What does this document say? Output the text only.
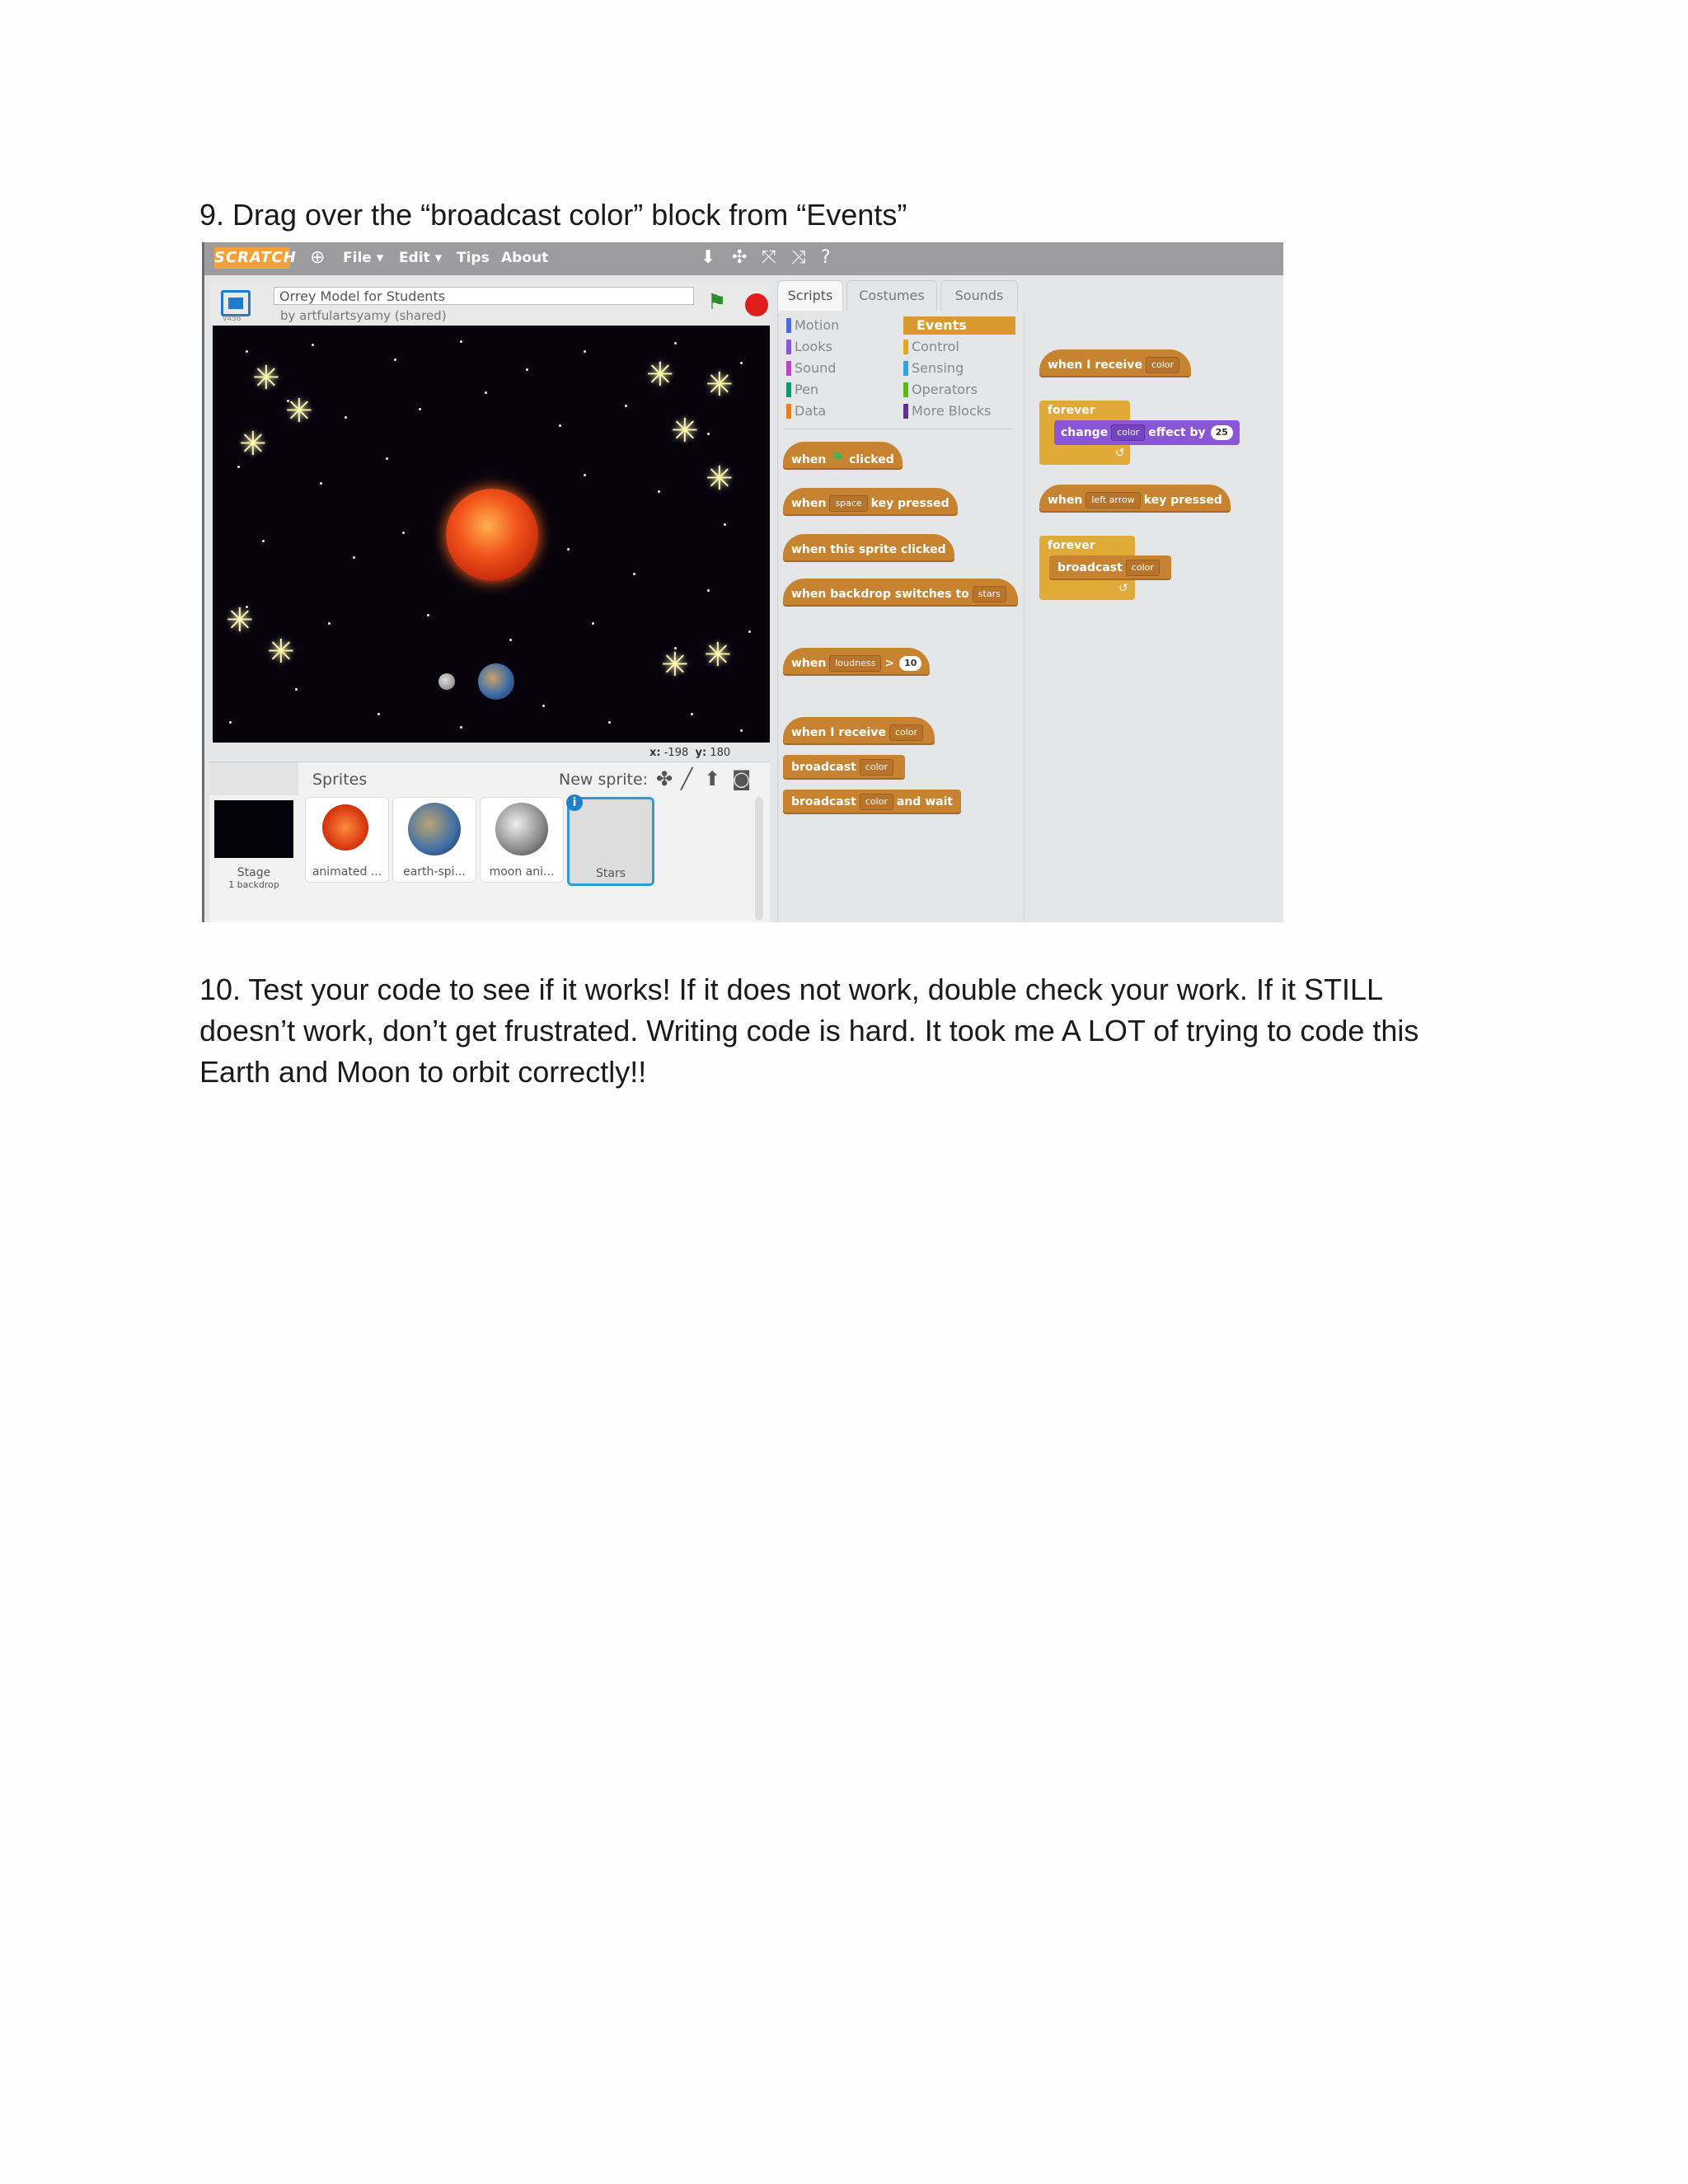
9. Drag over the “broadcast color” block from “Events”
SCRATCH ⊕ File ▾ Edit ▾ Tips About	⬇ ✣ ⤧ ⤨ ?
v458
Orrey Model for Students
by artfulartsyamy (shared)
⚑
✳
✳
✳
✳ ✳
✳
✳
✳
✳	✳ ✳
x: -198 y: 180
Sprites	New sprite: ✤ ╱ ⬆ ◙
Stage
1 backdrop
animated ...	earth-spi...	moon ani...
i
Stars
Scripts	Costumes	Sounds
Motion
Looks
Sound
Pen
Data
Events
Control
Sensing
Operators
More Blocks
when ⚑ clicked
when space key pressed
when this sprite clicked
when backdrop switches to stars
when loudness > 10
when I receive color
broadcast color
broadcast color and wait
when I receive color
forever
↺
change color effect by 25
when left arrow key pressed
forever
↺
broadcast color
10. Test your code to see if it works! If it does not work, double check your work. If it STILL doesn’t work, don’t get frustrated. Writing code is hard. It took me A LOT of trying to code this Earth and Moon to orbit correctly!!
